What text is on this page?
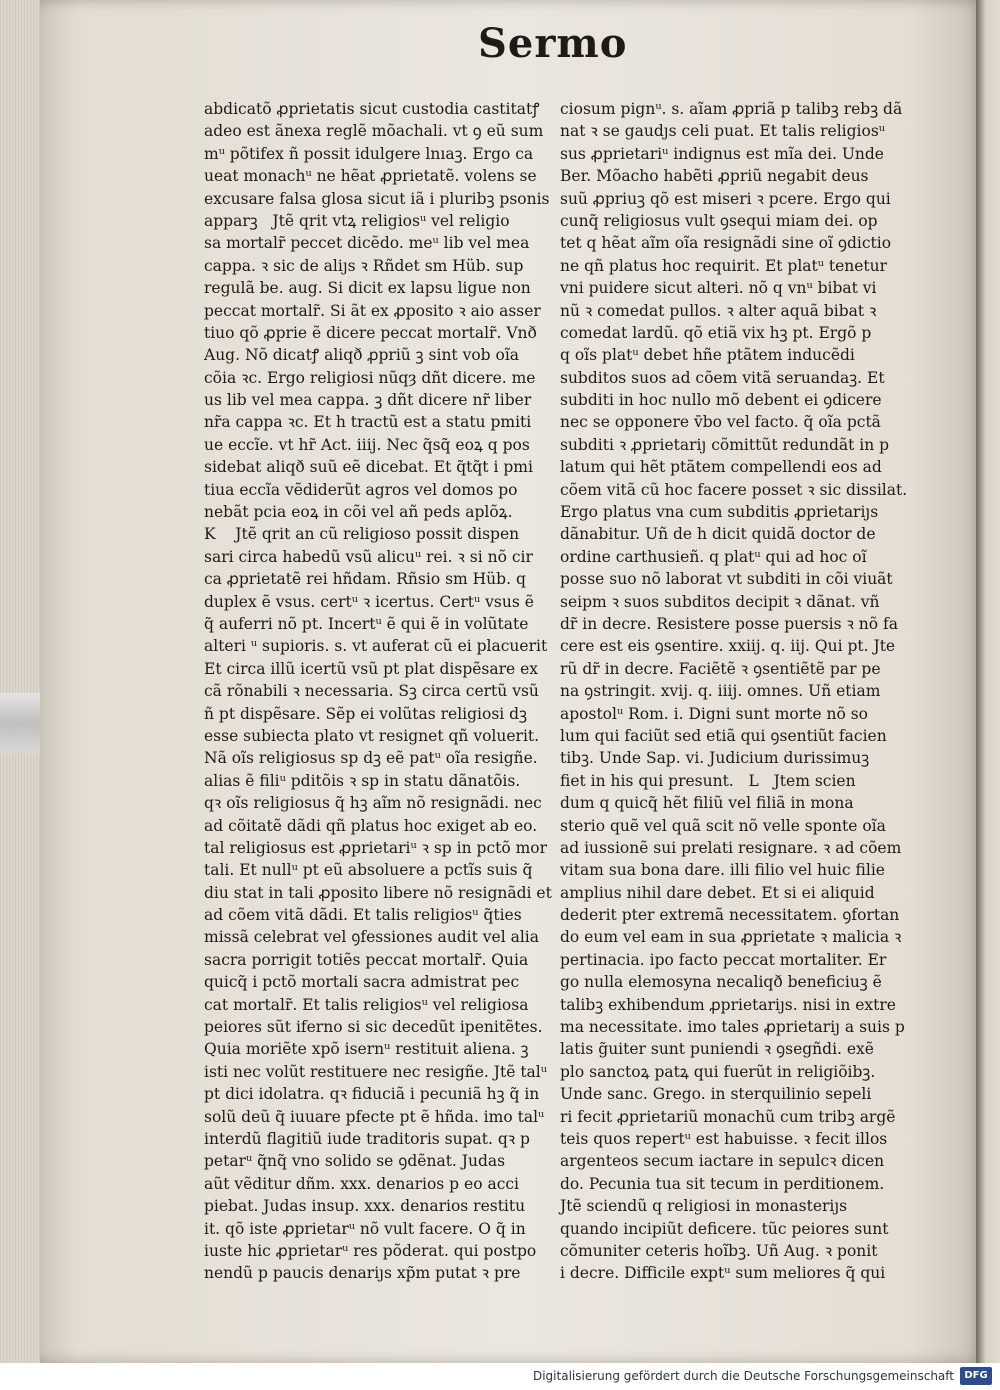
Sermo
abdicatõ ꝓprietatis sicut custodia castitatꝭ
adeo est ãnexa reglẽ mõachali. vt ꝯ eũ sum
mᵘ põtifex ñ possit idulgere lnıaꝫ. Ergo ca
ueat monachᵘ ne hẽat ꝓprietatẽ. volens se
excusare falsa glosa sicut iã i pluribꝫ psonis
apparꝫ   Jtẽ qrit vtꝝ religiosᵘ vel religio
sa mortalr̃ peccet dicẽdo. meᵘ lib vel mea
cappa. ꝛ sic de aliȷs ꝛ Rñdet sm Hüb. sup
regulã be. aug. Si dicit ex lapsu ligue non
peccat mortalr̃. Si ãt ex ꝓposito ꝛ aio asser
tiuo qõ ꝓprie ẽ dicere peccat mortalr̃. Vnð
Aug. Nõ dicatꝭ aliqð ꝓpriũ ꝫ sint vob oĩa
cõia ꝛc. Ergo religiosi nũqȝ dñt dicere. me
us lib vel mea cappa. ꝫ dñt dicere nr̃ liber
nr̃a cappa ꝛc. Et h tractũ est a statu pmiti
ue eccĩe. vt hr̃ Act. iiij. Nec q̃sq̃ eoꝝ q pos
sidebat aliqð suũ eẽ dicebat. Et q̃tq̃t i pmi
tiua eccĩa vẽdiderũt agros vel domos po
nebãt pcia eoꝝ in cõi vel añ peds aplõꝝ.
K    Jtẽ qrit an cũ religioso possit dispen
sari circa habedũ vsũ alicuᵘ rei. ꝛ si nõ cir
ca ꝓprietatẽ rei hñdam. Rñsio sm Hüb. q
duplex ẽ vsus. certᵘ ꝛ icertus. Certᵘ vsus ẽ
q̃ auferri nõ pt. Incertᵘ ẽ qui ẽ in volũtate
alteri ᵘ supioris. s. vt auferat cũ ei placuerit
Et circa illũ icertũ vsũ pt plat dispẽsare ex
cã rõnabili ꝛ necessaria. Sꝫ circa certũ vsũ
ñ pt dispẽsare. Sẽp ei volũtas religiosi dꝫ
esse subiecta plato vt resignet qñ voluerit.
Nã oĩs religiosus sp dꝫ eẽ patᵘ oĩa resigñe.
alias ẽ filiᵘ pditõis ꝛ sp in statu dãnatõis.
qꝛ oĩs religiosus q̃ hꝫ aĩm nõ resignãdi. nec
ad cõitatẽ dãdi qñ platus hoc exiget ab eo.
tal religiosus est ꝓprietariᵘ ꝛ sp in pctõ mor
tali. Et nullᵘ pt eũ absoluere a pctĩs suis q̃
diu stat in tali ꝓposito libere nõ resignãdi et
ad cõem vitã dãdi. Et talis religiosᵘ q̃ties
missã celebrat vel ꝯfessiones audit vel alia
sacra porrigit totiẽs peccat mortalr̃. Quia
quicq̃ i pctõ mortali sacra admistrat pec
cat mortalr̃. Et talis religiosᵘ vel religiosa
peiores sũt iferno si sic decedũt ipenitẽtes.
Quia moriẽte xpõ isernᵘ restituit aliena. ꝫ
isti nec volũt restituere nec resigñe. Jtẽ talᵘ
pt dici idolatra. qꝛ fiduciã i pecuniã hꝫ q̃ in
solũ deũ q̃ iuuare pfecte pt ẽ hñda. imo talᵘ
interdũ flagitiũ iude traditoris supat. qꝛ p
petarᵘ q̃nq̃ vno solido se ꝯdẽnat. Judas
aũt vẽditur dñm. xxx. denarios p eo acci
piebat. Judas insup. xxx. denarios restitu
it. qõ iste ꝓprietarᵘ nõ vult facere. O q̃ in
iuste hic ꝓprietarᵘ res põderat. qui postpo
nendũ p paucis denariȷs xp̃m putat ꝛ pre
ciosum pignᵘ. s. aĩam ꝓpriã p talibꝫ rebꝫ dã
nat ꝛ se gaudȷs celi puat. Et talis religiosᵘ
sus ꝓprietariᵘ indignus est mĩa dei. Unde
Ber. Mõacho habẽti ꝓpriũ negabit deus
suũ ꝓpriuꝫ qõ est miseri ꝛ pcere. Ergo qui
cunq̃ religiosus vult ꝯsequi miam dei. op
tet q hẽat aĩm oĩa resignãdi sine oĩ ꝯdictio
ne qñ platus hoc requirit. Et platᵘ tenetur
vni puidere sicut alteri. nõ q vnᵘ bibat vi
nũ ꝛ comedat pullos. ꝛ alter aquã bibat ꝛ
comedat lardũ. qõ etiã vix hꝫ pt. Ergõ p
q oĩs platᵘ debet hñe ptãtem inducẽdi
subditos suos ad cõem vitã seruandaꝫ. Et
subditi in hoc nullo mõ debent ei ꝯdicere
nec se opponere v̄bo vel facto. q̃ oĩa pctã
subditi ꝛ ꝓprietariȷ cõmittũt redundãt in p
latum qui hẽt ptãtem compellendi eos ad
cõem vitã cũ hoc facere posset ꝛ sic dissilat.
Ergo platus vna cum subditis ꝓprietariȷs
dãnabitur. Uñ de h dicit quidã doctor de
ordine carthusieñ. q platᵘ qui ad hoc oĩ
posse suo nõ laborat vt subditi in cõi viuãt
seipm ꝛ suos subditos decipit ꝛ dãnat. vñ
dr̃ in decre. Resistere posse puersis ꝛ nõ fa
cere est eis ꝯsentire. xxiij. q. iij. Qui pt. Jte
rũ dr̃ in decre. Faciẽtẽ ꝛ ꝯsentiẽtẽ par pe
na ꝯstringit. xvij. q. iiij. omnes. Uñ etiam
apostolᵘ Rom. i. Digni sunt morte nõ so
lum qui faciũt sed etiã qui ꝯsentiũt facien
tibꝫ. Unde Sap. vi. Judicium durissimuꝫ
fiet in his qui presunt.   L   Jtem scien
dum q quicq̃ hẽt filiũ vel filiã in mona
sterio quẽ vel quã scit nõ velle sponte oĩa
ad iussionẽ sui prelati resignare. ꝛ ad cõem
vitam sua bona dare. illi filio vel huic filie
amplius nihil dare debet. Et si ei aliquid
dederit pter extremã necessitatem. ꝯfortan
do eum vel eam in sua ꝓprietate ꝛ malicia ꝛ
pertinacia. ipo facto peccat mortaliter. Er
go nulla elemosyna necaliqð beneficiuꝫ ẽ
talibꝫ exhibendum ꝓprietariȷs. nisi in extre
ma necessitate. imo tales ꝓprietariȷ a suis p
latis g̃uiter sunt puniendi ꝛ ꝯsegñdi. exẽ
plo sanctoꝝ patꝝ qui fuerũt in religiõibꝫ.
Unde sanc. Grego. in sterquilinio sepeli
ri fecit ꝓprietariũ monachũ cum tribꝫ argẽ
teis quos repertᵘ est habuisse. ꝛ fecit illos
argenteos secum iactare in sepulcꝛ dicen
do. Pecunia tua sit tecum in perditionem.
Jtẽ sciendũ q religiosi in monasteriȷs
quando incipiũt deficere. tũc peiores sunt
cõmuniter ceteris hoĩbꝫ. Uñ Aug. ꝛ ponit
i decre. Difficile exptᵘ sum meliores q̃ qui
Digitalisierung gefördert durch die Deutsche Forschungsgemeinschaft	DFG
